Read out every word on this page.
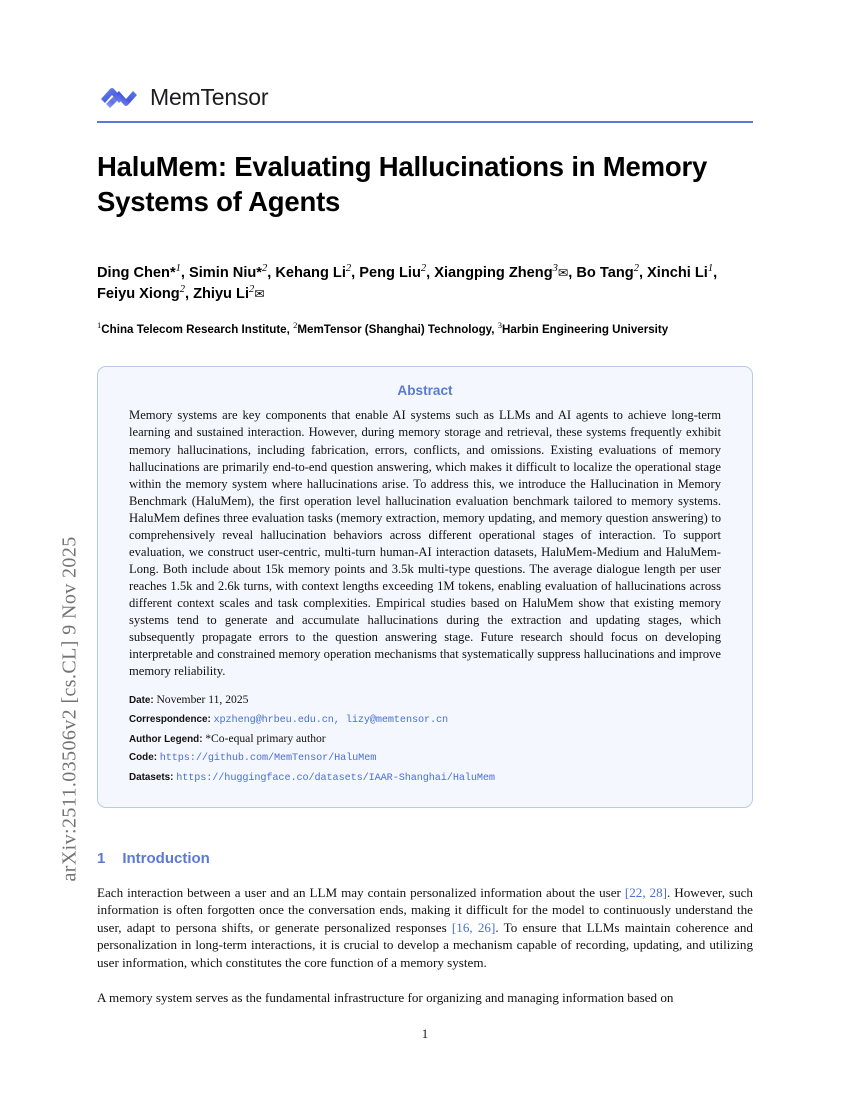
arXiv:2511.03506v2 [cs.CL] 9 Nov 2025
MemTensor
HaluMem: Evaluating Hallucinations in Memory Systems of Agents
Ding Chen*$^1$, Simin Niu*$^2$, Kehang Li$^2$, Peng Liu$^2$, Xiangping Zheng$^3$✉, Bo Tang$^2$, Xinchi Li$^1$, Feiyu Xiong$^2$, Zhiyu Li$^2$✉
$^1$China Telecom Research Institute, $^2$MemTensor (Shanghai) Technology, $^3$Harbin Engineering University
Abstract
Memory systems are key components that enable AI systems such as LLMs and AI agents to achieve long-term learning and sustained interaction. However, during memory storage and retrieval, these systems frequently exhibit memory hallucinations, including fabrication, errors, conflicts, and omissions. Existing evaluations of memory hallucinations are primarily end-to-end question answering, which makes it difficult to localize the operational stage within the memory system where hallucinations arise. To address this, we introduce the Hallucination in Memory Benchmark (HaluMem), the first operation level hallucination evaluation benchmark tailored to memory systems. HaluMem defines three evaluation tasks (memory extraction, memory updating, and memory question answering) to comprehensively reveal hallucination behaviors across different operational stages of interaction. To support evaluation, we construct user-centric, multi-turn human-AI interaction datasets, HaluMem-Medium and HaluMem-Long. Both include about 15k memory points and 3.5k multi-type questions. The average dialogue length per user reaches 1.5k and 2.6k turns, with context lengths exceeding 1M tokens, enabling evaluation of hallucinations across different context scales and task complexities. Empirical studies based on HaluMem show that existing memory systems tend to generate and accumulate hallucinations during the extraction and updating stages, which subsequently propagate errors to the question answering stage. Future research should focus on developing interpretable and constrained memory operation mechanisms that systematically suppress hallucinations and improve memory reliability.
Date: November 11, 2025
Correspondence: xpzheng@hrbeu.edu.cn, lizy@memtensor.cn
Author Legend: *Co-equal primary author
Code: https://github.com/MemTensor/HaluMem
Datasets: https://huggingface.co/datasets/IAAR-Shanghai/HaluMem
1 Introduction

Each interaction between a user and an LLM may contain personalized information about the user [22, 28]. However, such information is often forgotten once the conversation ends, making it difficult for the model to continuously understand the user, adapt to persona shifts, or generate personalized responses [16, 26]. To ensure that LLMs maintain coherence and personalization in long-term interactions, it is crucial to develop a mechanism capable of recording, updating, and utilizing user information, which constitutes the core function of a memory system.

A memory system serves as the fundamental infrastructure for organizing and managing information based on

1
